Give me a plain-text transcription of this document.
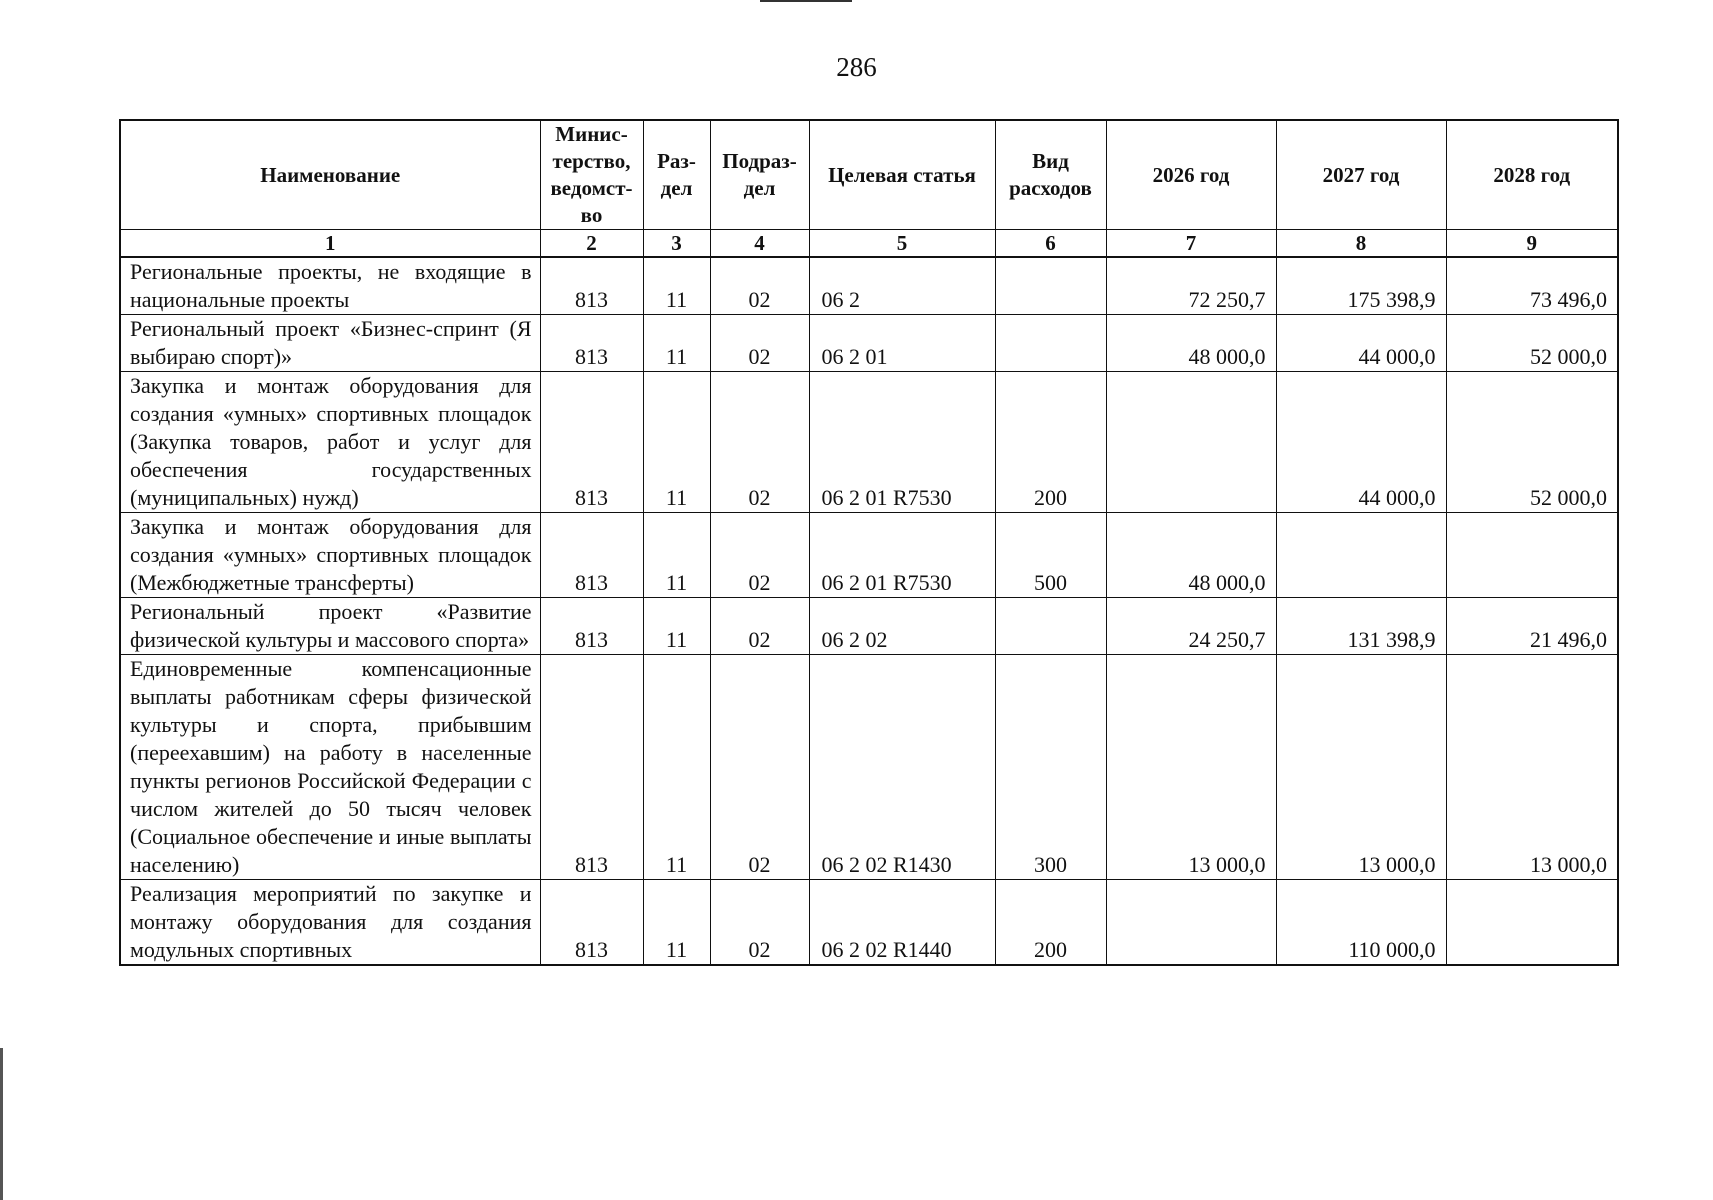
286
Наименование	Минис-терство, ведомст-во	Раз-дел	Подраз-дел	Целевая статья	Вид расходов	2026 год	2027 год	2028 год
1	2	3	4	5	6	7	8	9
Региональные проекты, не входящие в национальные проекты	813	11	02	06 2		72 250,7	175 398,9	73 496,0
Региональный проект «Бизнес-спринт (Я выбираю спорт)»	813	11	02	06 2 01		48 000,0	44 000,0	52 000,0
Закупка и монтаж оборудования для создания «умных» спортивных площадок (Закупка товаров, работ и услуг для обеспечения государственных (муниципальных) нужд)	813	11	02	06 2 01 R7530	200		44 000,0	52 000,0
Закупка и монтаж оборудования для создания «умных» спортивных площадок (Межбюджетные трансферты)	813	11	02	06 2 01 R7530	500	48 000,0		
Региональный проект «Развитие физической культуры и массового спорта»	813	11	02	06 2 02		24 250,7	131 398,9	21 496,0
Единовременные компенсационные выплаты работникам сферы физической культуры и спорта, прибывшим (переехавшим) на работу в населенные пункты регионов Российской Федерации с числом жителей до 50 тысяч человек (Социальное обеспечение и иные выплаты населению)	813	11	02	06 2 02 R1430	300	13 000,0	13 000,0	13 000,0
Реализация мероприятий по закупке и монтажу оборудования для создания модульных спортивных	813	11	02	06 2 02 R1440	200		110 000,0	
